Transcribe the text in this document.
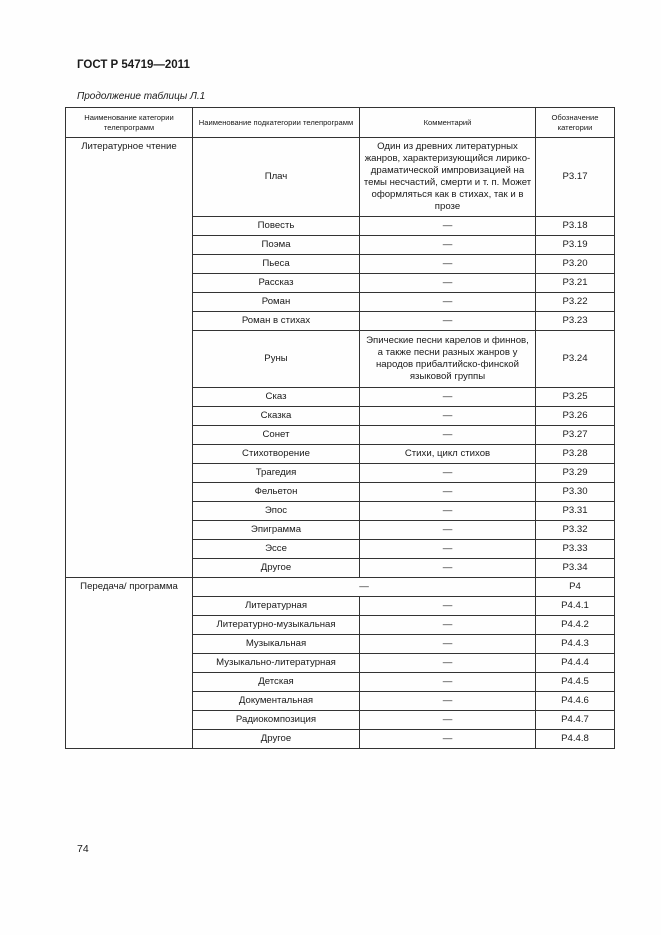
ГОСТ Р 54719—2011
Продолжение таблицы Л.1
Наименование категории телепрограмм	Наименование подкатегории телепрограмм	Комментарий	Обозначение категории
Литературное чтение	Плач	Один из древних литературных жанров, характеризующийся лирико-драматической импровизацией на темы несчастий, смерти и т. п. Может оформляться как в стихах, так и в прозе	Р3.17
	Повесть	—	Р3.18
	Поэма	—	Р3.19
	Пьеса	—	Р3.20
	Рассказ	—	Р3.21
	Роман	—	Р3.22
	Роман в стихах	—	Р3.23
	Руны	Эпические песни карелов и финнов, а также песни разных жанров у народов прибалтийско-финской языковой группы	Р3.24
	Сказ	—	Р3.25
	Сказка	—	Р3.26
	Сонет	—	Р3.27
	Стихотворение	Стихи, цикл стихов	Р3.28
	Трагедия	—	Р3.29
	Фельетон	—	Р3.30
	Эпос	—	Р3.31
	Эпиграмма	—	Р3.32
	Эссе	—	Р3.33
	Другое	—	Р3.34
Передача/ программа	—		Р4
	Литературная	—	Р4.4.1
	Литературно-музыкальная	—	Р4.4.2
	Музыкальная	—	Р4.4.3
	Музыкально-литературная	—	Р4.4.4
	Детская	—	Р4.4.5
	Документальная	—	Р4.4.6
	Радиокомпозиция	—	Р4.4.7
	Другое	—	Р4.4.8
74
